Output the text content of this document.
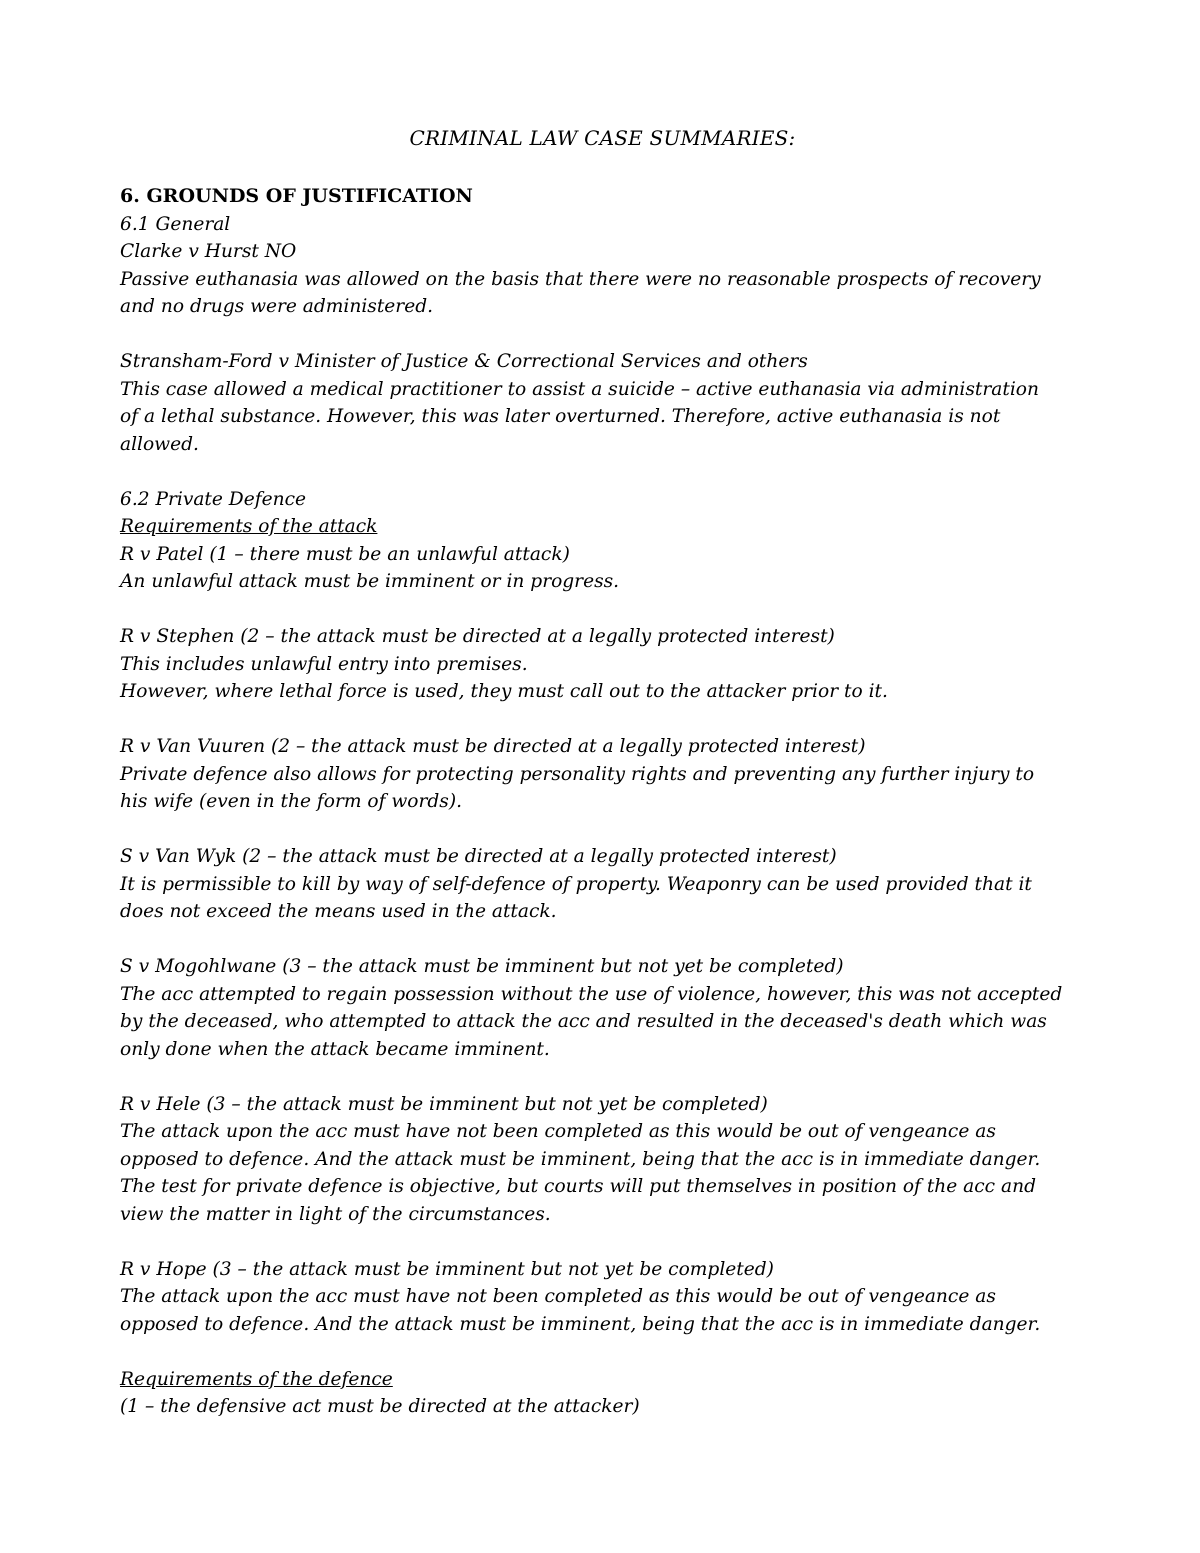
CRIMINAL LAW CASE SUMMARIES:
6. GROUNDS OF JUSTIFICATION
6.1 General
Clarke v Hurst NO
Passive euthanasia was allowed on the basis that there were no reasonable prospects of recovery
and no drugs were administered.
Stransham-Ford v Minister of Justice & Correctional Services and others
This case allowed a medical practitioner to assist a suicide – active euthanasia via administration
of a lethal substance. However, this was later overturned. Therefore, active euthanasia is not
allowed.
6.2 Private Defence
Requirements of the attack
R v Patel (1 – there must be an unlawful attack)
An unlawful attack must be imminent or in progress.
R v Stephen (2 – the attack must be directed at a legally protected interest)
This includes unlawful entry into premises.
However, where lethal force is used, they must call out to the attacker prior to it.
R v Van Vuuren (2 – the attack must be directed at a legally protected interest)
Private defence also allows for protecting personality rights and preventing any further injury to
his wife (even in the form of words).
S v Van Wyk (2 – the attack must be directed at a legally protected interest)
It is permissible to kill by way of self-defence of property. Weaponry can be used provided that it
does not exceed the means used in the attack.
S v Mogohlwane (3 – the attack must be imminent but not yet be completed)
The acc attempted to regain possession without the use of violence, however, this was not accepted
by the deceased, who attempted to attack the acc and resulted in the deceased's death which was
only done when the attack became imminent.
R v Hele (3 – the attack must be imminent but not yet be completed)
The attack upon the acc must have not been completed as this would be out of vengeance as
opposed to defence. And the attack must be imminent, being that the acc is in immediate danger.
The test for private defence is objective, but courts will put themselves in position of the acc and
view the matter in light of the circumstances.
R v Hope (3 – the attack must be imminent but not yet be completed)
The attack upon the acc must have not been completed as this would be out of vengeance as
opposed to defence. And the attack must be imminent, being that the acc is in immediate danger.
Requirements of the defence
(1 – the defensive act must be directed at the attacker)
